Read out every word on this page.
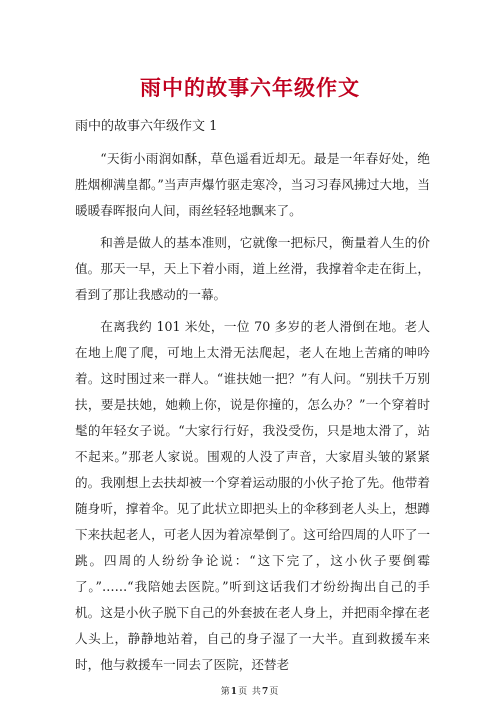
雨中的故事六年级作文
雨中的故事六年级作文 1

“天街小雨润如酥，草色遥看近却无。最是一年春好处，绝胜烟柳满皇都。”当声声爆竹驱走寒冷，当习习春风拂过大地，当暖暖春晖报向人间，雨丝轻轻地飘来了。

和善是做人的基本准则，它就像一把标尺，衡量着人生的价值。那天一早，天上下着小雨，道上丝滑，我撑着伞走在街上，看到了那让我感动的一幕。

在离我约 101 米处，一位 70 多岁的老人滑倒在地。老人在地上爬了爬，可地上太滑无法爬起，老人在地上苦痛的呻吟着。这时围过来一群人。“谁扶她一把？”有人问。“别扶千万别扶，要是扶她，她赖上你，说是你撞的，怎么办？”一个穿着时髦的年轻女子说。“大家行行好，我没受伤，只是地太滑了，站不起来。”那老人家说。围观的人没了声音，大家眉头皱的紧紧的。我刚想上去扶却被一个穿着运动服的小伙子抢了先。他带着随身听，撑着伞。见了此状立即把头上的伞移到老人头上，想蹲下来扶起老人，可老人因为着凉晕倒了。这可给四周的人吓了一跳。四周的人纷纷争论说：“这下完了，这小伙子要倒霉了。”……“我陪她去医院。”听到这话我们才纷纷掏出自己的手机。这是小伙子脱下自己的外套披在老人身上，并把雨伞撑在老人头上，静静地站着，自己的身子湿了一大半。直到救援车来时，他与救援车一同去了医院，还替老

第1页 共7页
